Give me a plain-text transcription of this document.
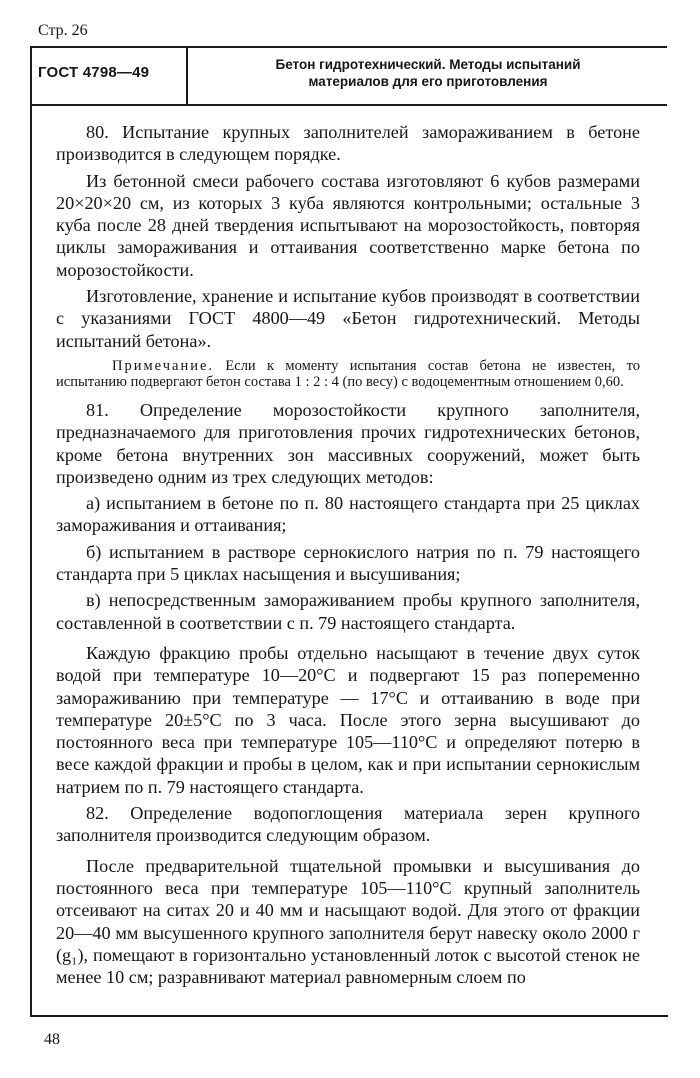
Стр. 26
ГОСТ 4798—49	Бетон гидротехнический. Методы испытаний
материалов для его приготовления

80. Испытание крупных заполнителей замораживанием в бетоне производится в следующем порядке.

Из бетонной смеси рабочего состава изготовляют 6 кубов размерами 20×20×20 см, из которых 3 куба являются контрольными; остальные 3 куба после 28 дней твердения испытывают на морозостойкость, повторяя циклы замораживания и оттаивания соответственно марке бетона по морозостойкости.

Изготовление, хранение и испытание кубов производят в соответствии с указаниями ГОСТ 4800—49 «Бетон гидротехнический. Методы испытаний бетона».

Примечание. Если к моменту испытания состав бетона не известен, то испытанию подвергают бетон состава 1 : 2 : 4 (по весу) с водоцементным отношением 0,60.

81. Определение морозостойкости крупного заполнителя, предназначаемого для приготовления прочих гидротехнических бетонов, кроме бетона внутренних зон массивных сооружений, может быть произведено одним из трех следующих методов:

а) испытанием в бетоне по п. 80 настоящего стандарта при 25 циклах замораживания и оттаивания;

б) испытанием в растворе сернокислого натрия по п. 79 настоящего стандарта при 5 циклах насыщения и высушивания;

в) непосредственным замораживанием пробы крупного заполнителя, составленной в соответствии с п. 79 настоящего стандарта.

Каждую фракцию пробы отдельно насыщают в течение двух суток водой при температуре 10—20°C и подвергают 15 раз попеременно замораживанию при температуре — 17°C и оттаиванию в воде при температуре 20±5°C по 3 часа. После этого зерна высушивают до постоянного веса при температуре 105—110°C и определяют потерю в весе каждой фракции и пробы в целом, как и при испытании сернокислым натрием по п. 79 настоящего стандарта.

82. Определение водопоглощения материала зерен крупного заполнителя производится следующим образом.

После предварительной тщательной промывки и высушивания до постоянного веса при температуре 105—110°C крупный заполнитель отсеивают на ситах 20 и 40 мм и насыщают водой. Для этого от фракции 20—40 мм высушенного крупного заполнителя берут навеску около 2000 г (g₁), помещают в горизонтально установленный лоток с высотой стенок не менее 10 см; разравнивают материал равномерным слоем по

48
